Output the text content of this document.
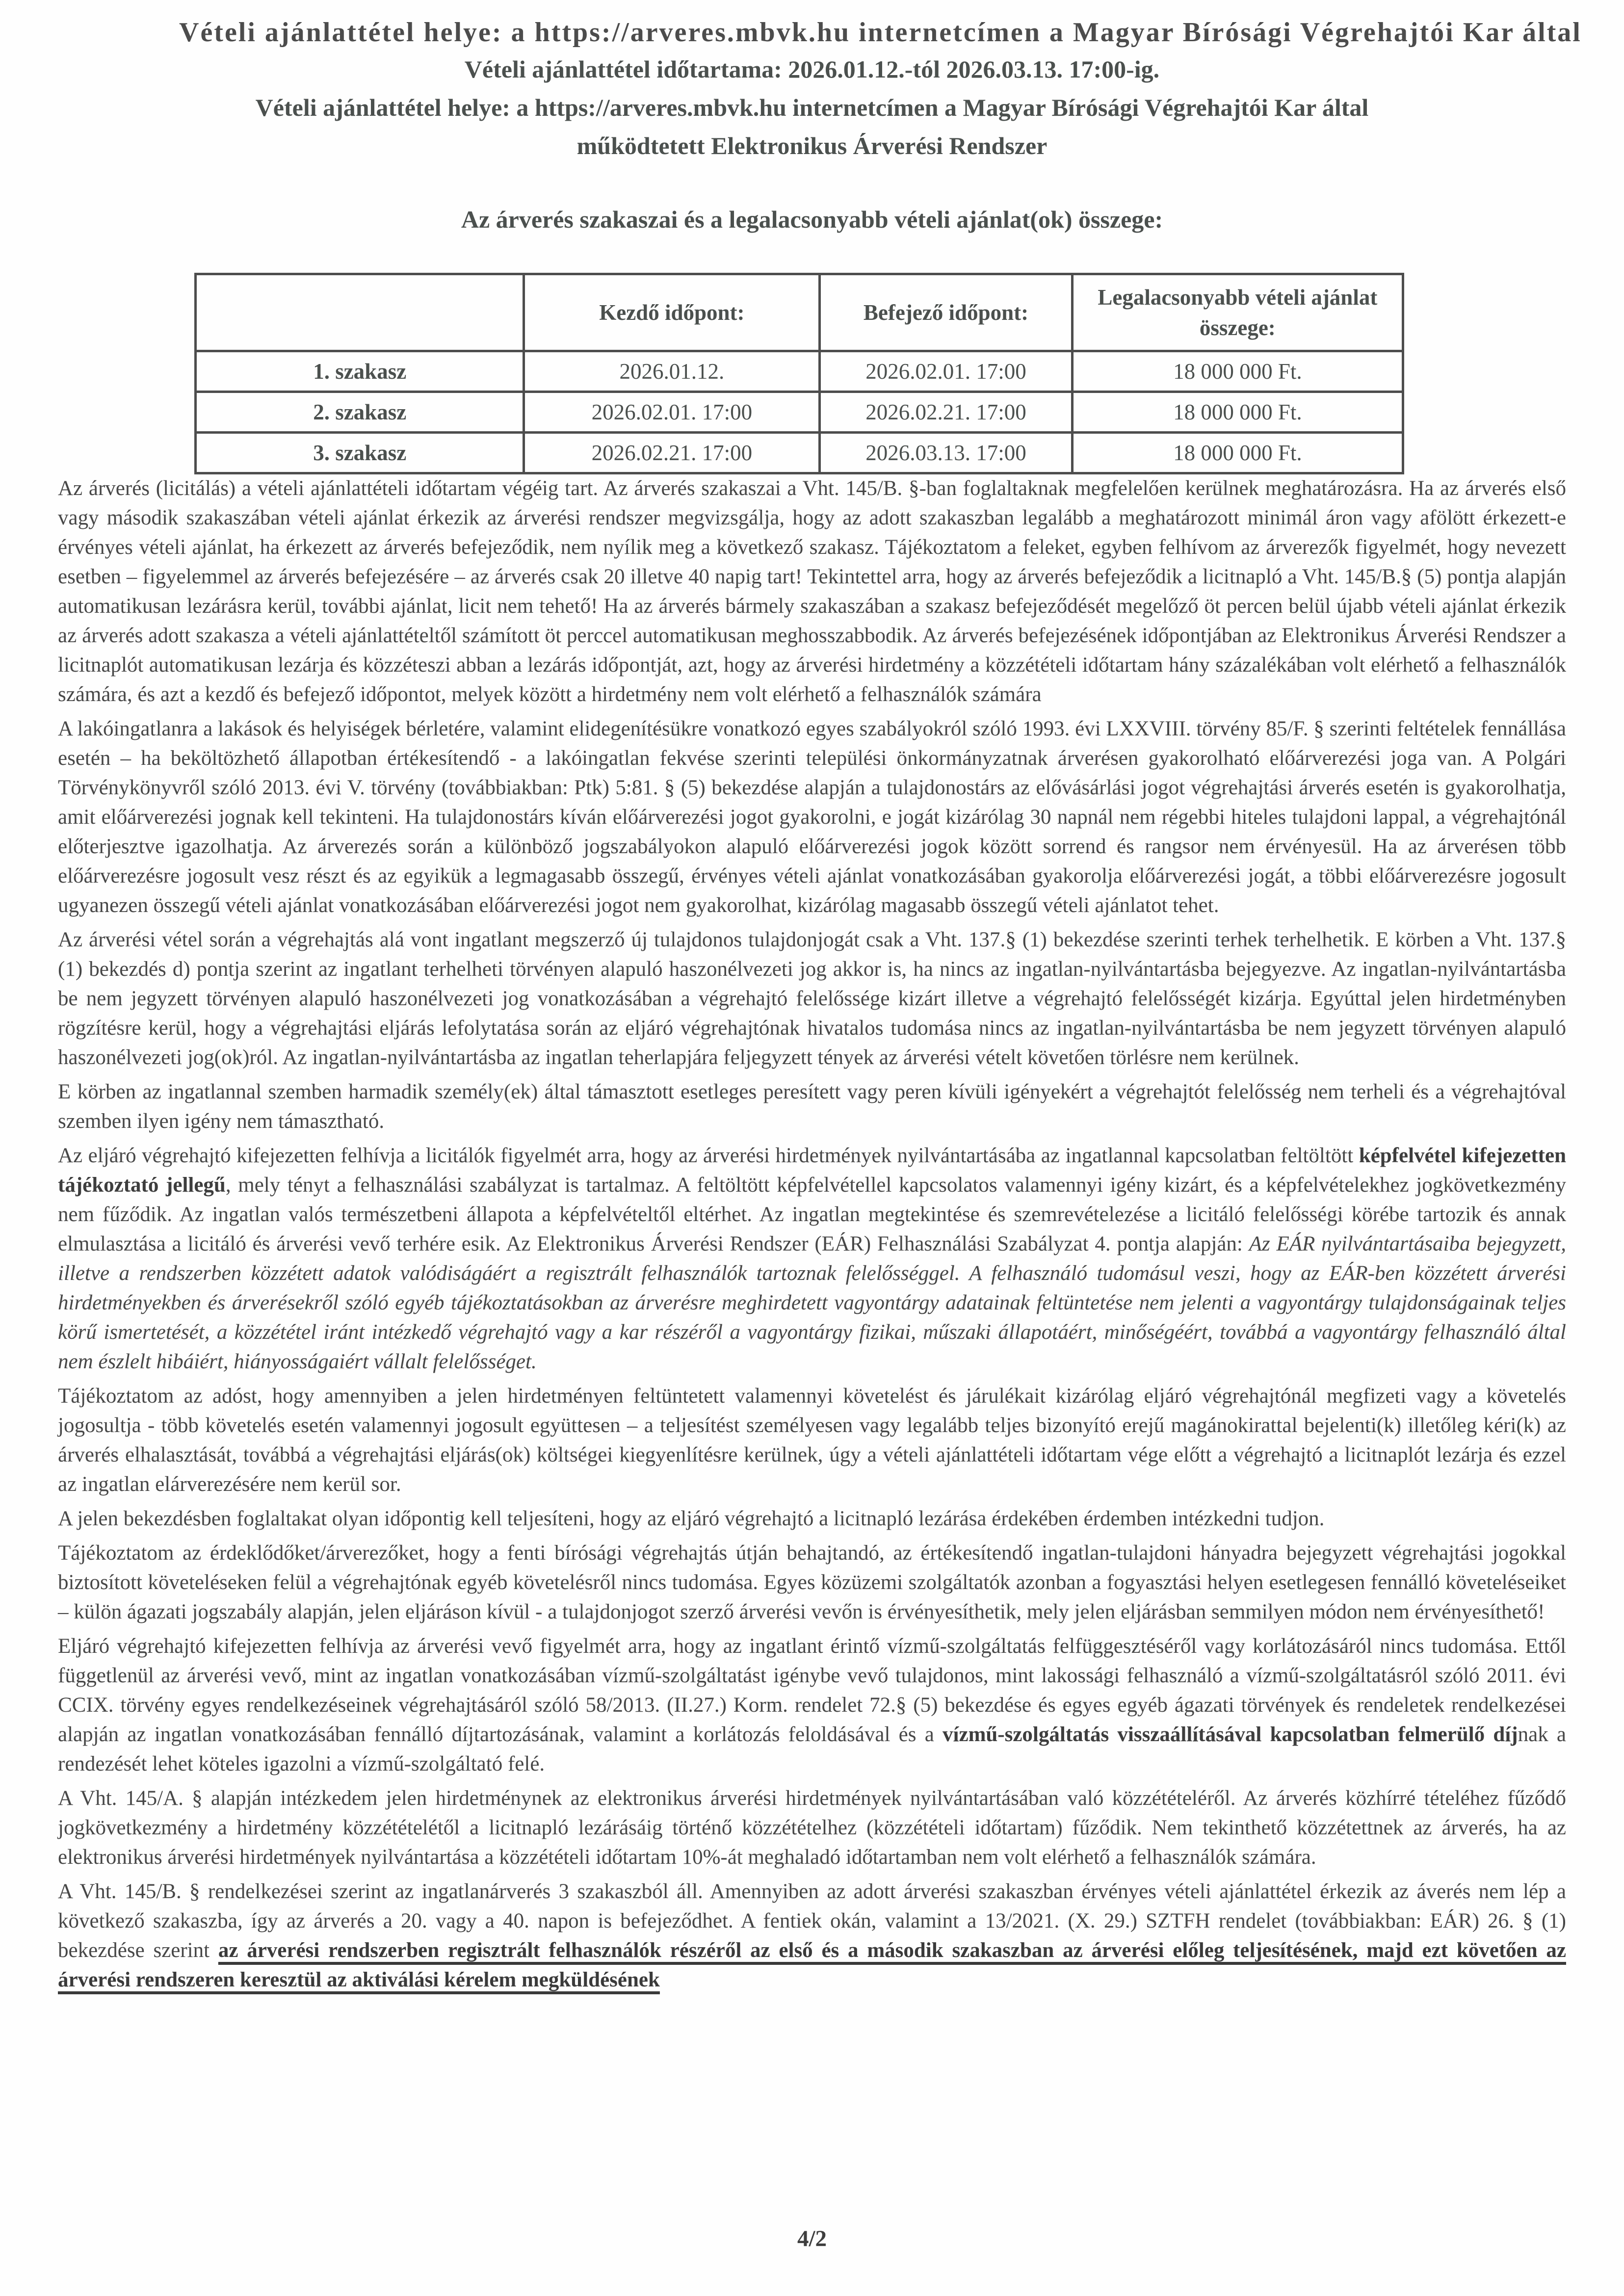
Vételi ajánlattétel helye: a https://arveres.mbvk.hu internetcímen a Magyar Bírósági Végrehajtói Kar által
Vételi ajánlattétel időtartama: 2026.01.12.-tól 2026.03.13. 17:00-ig.
Vételi ajánlattétel helye: a https://arveres.mbvk.hu internetcímen a Magyar Bírósági Végrehajtói Kar által
működtetett Elektronikus Árverési Rendszer
Az árverés szakaszai és a legalacsonyabb vételi ajánlat(ok) összege:
	Kezdő időpont:	Befejező időpont:	Legalacsonyabb vételi ajánlat összege:
1. szakasz	2026.01.12.	2026.02.01. 17:00	18 000 000 Ft.
2. szakasz	2026.02.01. 17:00	2026.02.21. 17:00	18 000 000 Ft.
3. szakasz	2026.02.21. 17:00	2026.03.13. 17:00	18 000 000 Ft.

Az árverés (licitálás) a vételi ajánlattételi időtartam végéig tart. Az árverés szakaszai a Vht. 145/B. §-ban foglaltaknak megfelelően kerülnek meghatározásra. Ha az árverés első vagy második szakaszában vételi ajánlat érkezik az árverési rendszer megvizsgálja, hogy az adott szakaszban legalább a meghatározott minimál áron vagy afölött érkezett-e érvényes vételi ajánlat, ha érkezett az árverés befejeződik, nem nyílik meg a következő szakasz. Tájékoztatom a feleket, egyben felhívom az árverezők figyelmét, hogy nevezett esetben – figyelemmel az árverés befejezésére – az árverés csak 20 illetve 40 napig tart! Tekintettel arra, hogy az árverés befejeződik a licitnapló a Vht. 145/B.§ (5) pontja alapján automatikusan lezárásra kerül, további ajánlat, licit nem tehető! Ha az árverés bármely szakaszában a szakasz befejeződését megelőző öt percen belül újabb vételi ajánlat érkezik az árverés adott szakasza a vételi ajánlattételtől számított öt perccel automatikusan meghosszabbodik. Az árverés befejezésének időpontjában az Elektronikus Árverési Rendszer a licitnaplót automatikusan lezárja és közzéteszi abban a lezárás időpontját, azt, hogy az árverési hirdetmény a közzétételi időtartam hány százalékában volt elérhető a felhasználók számára, és azt a kezdő és befejező időpontot, melyek között a hirdetmény nem volt elérhető a felhasználók számára

A lakóingatlanra a lakások és helyiségek bérletére, valamint elidegenítésükre vonatkozó egyes szabályokról szóló 1993. évi LXXVIII. törvény 85/F. § szerinti feltételek fennállása esetén – ha beköltözhető állapotban értékesítendő - a lakóingatlan fekvése szerinti települési önkormányzatnak árverésen gyakorolható előárverezési joga van. A Polgári Törvénykönyvről szóló 2013. évi V. törvény (továbbiakban: Ptk) 5:81. § (5) bekezdése alapján a tulajdonostárs az elővásárlási jogot végrehajtási árverés esetén is gyakorolhatja, amit előárverezési jognak kell tekinteni. Ha tulajdonostárs kíván előárverezési jogot gyakorolni, e jogát kizárólag 30 napnál nem régebbi hiteles tulajdoni lappal, a végrehajtónál előterjesztve igazolhatja. Az árverezés során a különböző jogszabályokon alapuló előárverezési jogok között sorrend és rangsor nem érvényesül. Ha az árverésen több előárverezésre jogosult vesz részt és az egyikük a legmagasabb összegű, érvényes vételi ajánlat vonatkozásában gyakorolja előárverezési jogát, a többi előárverezésre jogosult ugyanezen összegű vételi ajánlat vonatkozásában előárverezési jogot nem gyakorolhat, kizárólag magasabb összegű vételi ajánlatot tehet.

Az árverési vétel során a végrehajtás alá vont ingatlant megszerző új tulajdonos tulajdonjogát csak a Vht. 137.§ (1) bekezdése szerinti terhek terhelhetik. E körben a Vht. 137.§ (1) bekezdés d) pontja szerint az ingatlant terhelheti törvényen alapuló haszonélvezeti jog akkor is, ha nincs az ingatlan-nyilvántartásba bejegyezve. Az ingatlan-nyilvántartásba be nem jegyzett törvényen alapuló haszonélvezeti jog vonatkozásában a végrehajtó felelőssége kizárt illetve a végrehajtó felelősségét kizárja. Egyúttal jelen hirdetményben rögzítésre kerül, hogy a végrehajtási eljárás lefolytatása során az eljáró végrehajtónak hivatalos tudomása nincs az ingatlan-nyilvántartásba be nem jegyzett törvényen alapuló haszonélvezeti jog(ok)ról. Az ingatlan-nyilvántartásba az ingatlan teherlapjára feljegyzett tények az árverési vételt követően törlésre nem kerülnek.

E körben az ingatlannal szemben harmadik személy(ek) által támasztott esetleges peresített vagy peren kívüli igényekért a végrehajtót felelősség nem terheli és a végrehajtóval szemben ilyen igény nem támasztható.

Az eljáró végrehajtó kifejezetten felhívja a licitálók figyelmét arra, hogy az árverési hirdetmények nyilvántartásába az ingatlannal kapcsolatban feltöltött képfelvétel kifejezetten tájékoztató jellegű, mely tényt a felhasználási szabályzat is tartalmaz. A feltöltött képfelvétellel kapcsolatos valamennyi igény kizárt, és a képfelvételekhez jogkövetkezmény nem fűződik. Az ingatlan valós természetbeni állapota a képfelvételtől eltérhet. Az ingatlan megtekintése és szemrevételezése a licitáló felelősségi körébe tartozik és annak elmulasztása a licitáló és árverési vevő terhére esik. Az Elektronikus Árverési Rendszer (EÁR) Felhasználási Szabályzat 4. pontja alapján: Az EÁR nyilvántartásaiba bejegyzett, illetve a rendszerben közzétett adatok valódiságáért a regisztrált felhasználók tartoznak felelősséggel. A felhasználó tudomásul veszi, hogy az EÁR-ben közzétett árverési hirdetményekben és árverésekről szóló egyéb tájékoztatásokban az árverésre meghirdetett vagyontárgy adatainak feltüntetése nem jelenti a vagyontárgy tulajdonságainak teljes körű ismertetését, a közzététel iránt intézkedő végrehajtó vagy a kar részéről a vagyontárgy fizikai, műszaki állapotáért, minőségéért, továbbá a vagyontárgy felhasználó által nem észlelt hibáiért, hiányosságaiért vállalt felelősséget.

Tájékoztatom az adóst, hogy amennyiben a jelen hirdetményen feltüntetett valamennyi követelést és járulékait kizárólag eljáró végrehajtónál megfizeti vagy a követelés jogosultja - több követelés esetén valamennyi jogosult együttesen – a teljesítést személyesen vagy legalább teljes bizonyító erejű magánokirattal bejelenti(k) illetőleg kéri(k) az árverés elhalasztását, továbbá a végrehajtási eljárás(ok) költségei kiegyenlítésre kerülnek, úgy a vételi ajánlattételi időtartam vége előtt a végrehajtó a licitnaplót lezárja és ezzel az ingatlan elárverezésére nem kerül sor.

A jelen bekezdésben foglaltakat olyan időpontig kell teljesíteni, hogy az eljáró végrehajtó a licitnapló lezárása érdekében érdemben intézkedni tudjon.

Tájékoztatom az érdeklődőket/árverezőket, hogy a fenti bírósági végrehajtás útján behajtandó, az értékesítendő ingatlan-tulajdoni hányadra bejegyzett végrehajtási jogokkal biztosított követeléseken felül a végrehajtónak egyéb követelésről nincs tudomása. Egyes közüzemi szolgáltatók azonban a fogyasztási helyen esetlegesen fennálló követeléseiket – külön ágazati jogszabály alapján, jelen eljáráson kívül - a tulajdonjogot szerző árverési vevőn is érvényesíthetik, mely jelen eljárásban semmilyen módon nem érvényesíthető!

Eljáró végrehajtó kifejezetten felhívja az árverési vevő figyelmét arra, hogy az ingatlant érintő vízmű-szolgáltatás felfüggesztéséről vagy korlátozásáról nincs tudomása. Ettől függetlenül az árverési vevő, mint az ingatlan vonatkozásában vízmű-szolgáltatást igénybe vevő tulajdonos, mint lakossági felhasználó a vízmű-szolgáltatásról szóló 2011. évi CCIX. törvény egyes rendelkezéseinek végrehajtásáról szóló 58/2013. (II.27.) Korm. rendelet 72.§ (5) bekezdése és egyes egyéb ágazati törvények és rendeletek rendelkezései alapján az ingatlan vonatkozásában fennálló díjtartozásának, valamint a korlátozás feloldásával és a vízmű-szolgáltatás visszaállításával kapcsolatban felmerülő díjnak a rendezését lehet köteles igazolni a vízmű-szolgáltató felé.

A Vht. 145/A. § alapján intézkedem jelen hirdetménynek az elektronikus árverési hirdetmények nyilvántartásában való közzétételéről. Az árverés közhírré tételéhez fűződő jogkövetkezmény a hirdetmény közzétételétől a licitnapló lezárásáig történő közzétételhez (közzétételi időtartam) fűződik. Nem tekinthető közzétettnek az árverés, ha az elektronikus árverési hirdetmények nyilvántartása a közzétételi időtartam 10%-át meghaladó időtartamban nem volt elérhető a felhasználók számára.

A Vht. 145/B. § rendelkezései szerint az ingatlanárverés 3 szakaszból áll. Amennyiben az adott árverési szakaszban érvényes vételi ajánlattétel érkezik az áverés nem lép a következő szakaszba, így az árverés a 20. vagy a 40. napon is befejeződhet. A fentiek okán, valamint a 13/2021. (X. 29.) SZTFH rendelet (továbbiakban: EÁR) 26. § (1) bekezdése szerint az árverési rendszerben regisztrált felhasználók részéről az első és a második szakaszban az árverési előleg teljesítésének, majd ezt követően az árverési rendszeren keresztül az aktiválási kérelem megküldésének

4/2
